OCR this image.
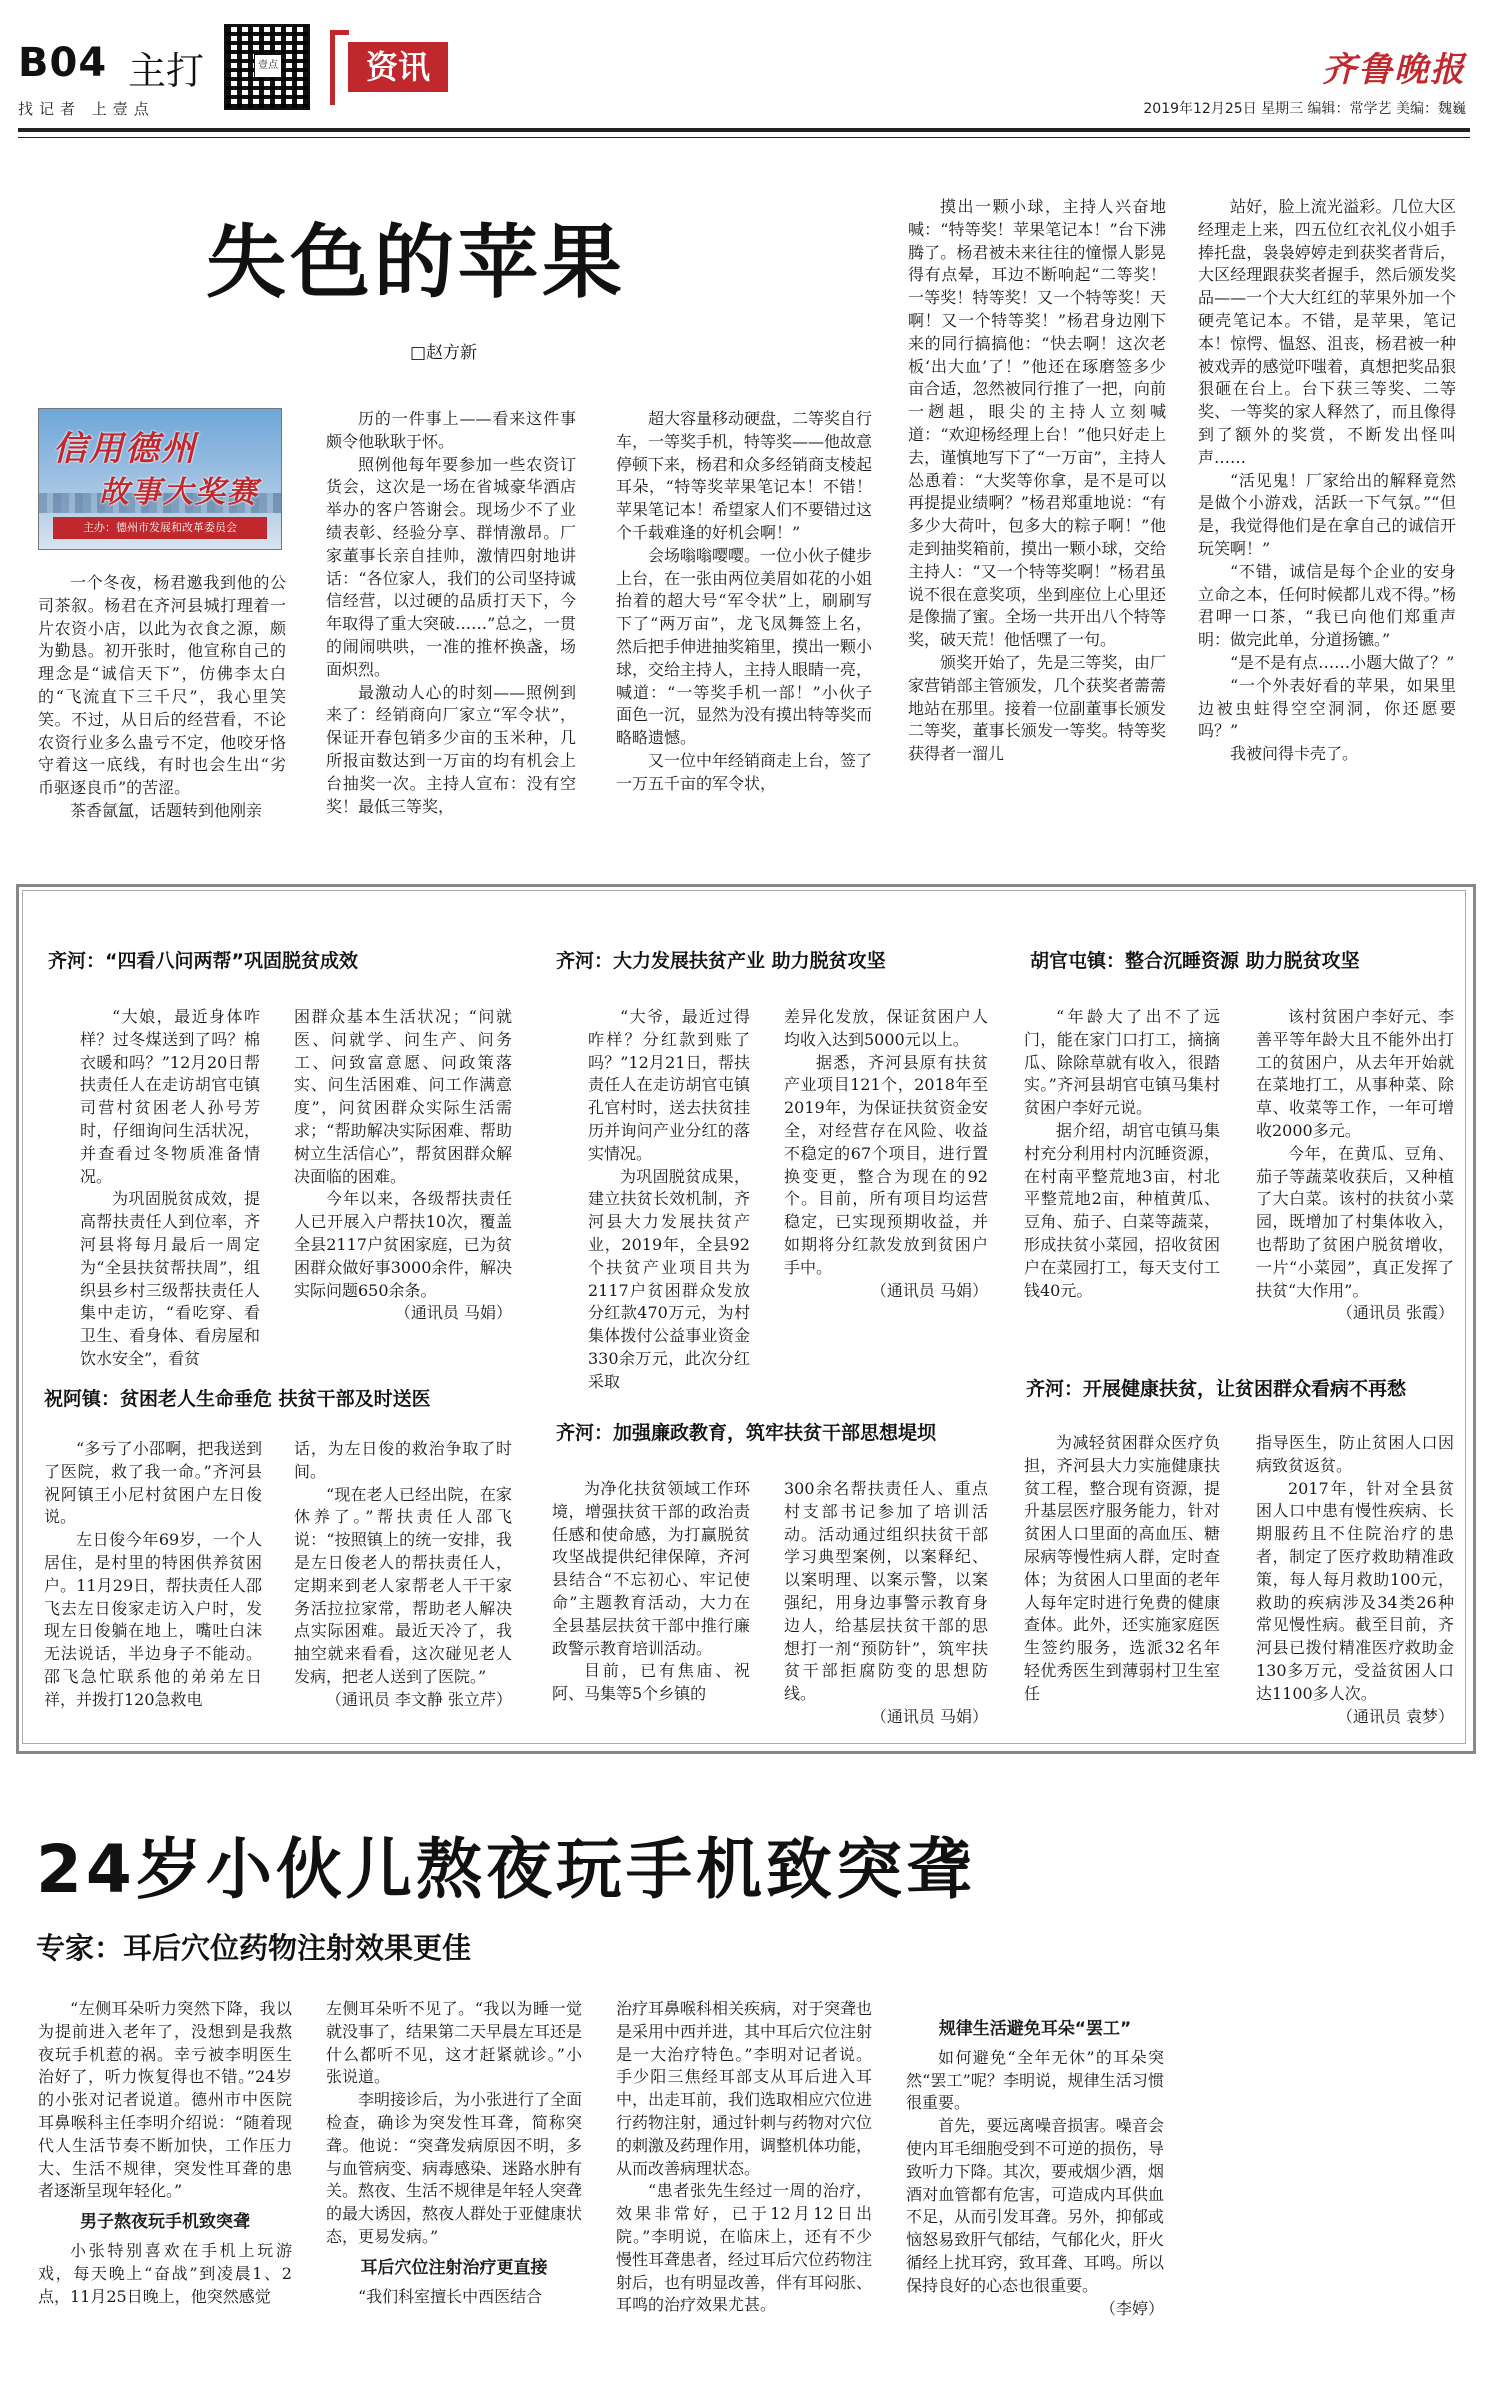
B04 主打
找记者 上壹点
壹点	资讯	齐鲁晚报
2019年12月25日 星期三 编辑：常学艺 美编：魏巍
失色的苹果
□赵方新
信用德州
故事大奖赛
主办：德州市发展和改革委员会

一个冬夜，杨君邀我到他的公司茶叙。杨君在齐河县城打理着一片农资小店，以此为衣食之源，颇为勤恳。初开张时，他宣称自己的理念是“诚信天下”，仿佛李太白的“飞流直下三千尺”，我心里笑笑。不过，从日后的经营看，不论农资行业多么蛊亏不定，他咬牙恪守着这一底线，有时也会生出“劣币驱逐良币”的苦涩。

茶香氤氲，话题转到他刚亲

历的一件事上——看来这件事颇令他耿耿于怀。

照例他每年要参加一些农资订货会，这次是一场在省城豪华酒店举办的客户答谢会。现场少不了业绩表彰、经验分享、群情激昂。厂家董事长亲自挂帅，激情四射地讲话：“各位家人，我们的公司坚持诚信经营，以过硬的品质打天下，今年取得了重大突破……”总之，一贯的闹闹哄哄，一准的推杯换盏，场面炽烈。

最激动人心的时刻——照例到来了：经销商向厂家立“军令状”，保证开春包销多少亩的玉米种，几所报亩数达到一万亩的均有机会上台抽奖一次。主持人宣布：没有空奖！最低三等奖，

超大容量移动硬盘，二等奖自行车，一等奖手机，特等奖——他故意停顿下来，杨君和众多经销商支棱起耳朵，“特等奖苹果笔记本！不错！苹果笔记本！希望家人们不要错过这个千载难逢的好机会啊！”

会场嗡嗡嘤嘤。一位小伙子健步上台，在一张由两位美眉如花的小姐抬着的超大号“军令状”上，刷刷写下了“两万亩”，龙飞凤舞签上名，然后把手伸进抽奖箱里，摸出一颗小球，交给主持人，主持人眼睛一亮，喊道：“一等奖手机一部！”小伙子面色一沉，显然为没有摸出特等奖而略略遗憾。

又一位中年经销商走上台，签了一万五千亩的军令状，

摸出一颗小球，主持人兴奋地喊：“特等奖！苹果笔记本！”台下沸腾了。杨君被未来往往的憧憬人影晃得有点晕，耳边不断响起“二等奖！一等奖！特等奖！又一个特等奖！天啊！又一个特等奖！”杨君身边刚下来的同行搞搞他：“快去啊！这次老板‘出大血’了！”他还在琢磨签多少亩合适，忽然被同行推了一把，向前一趔趄，眼尖的主持人立刻喊道：“欢迎杨经理上台！”他只好走上去，谨慎地写下了“一万亩”，主持人怂恿着：“大奖等你拿，是不是可以再提提业绩啊？”杨君郑重地说：“有多少大荷叶，包多大的粽子啊！”他走到抽奖箱前，摸出一颗小球，交给主持人：“又一个特等奖啊！”杨君虽说不很在意奖项，坐到座位上心里还是像揣了蜜。全场一共开出八个特等奖，破天荒！他恬嘿了一句。

颁奖开始了，先是三等奖，由厂家营销部主管颁发，几个获奖者薷薷地站在那里。接着一位副董事长颁发二等奖，董事长颁发一等奖。特等奖获得者一溜儿

站好，脸上流光溢彩。几位大区经理走上来，四五位红衣礼仪小姐手捧托盘，袅袅婷婷走到获奖者背后，大区经理跟获奖者握手，然后颁发奖品——一个大大红红的苹果外加一个硬壳笔记本。不错，是苹果，笔记本！惊愕、愠怒、沮丧，杨君被一种被戏弄的感觉吓嗤着，真想把奖品狠狠砸在台上。台下获三等奖、二等奖、一等奖的家人释然了，而且像得到了额外的奖赏，不断发出怪叫声……

“活见鬼！厂家给出的解释竟然是做个小游戏，活跃一下气氛。”“但是，我觉得他们是在拿自己的诚信开玩笑啊！”

“不错，诚信是每个企业的安身立命之本，任何时候都儿戏不得。”杨君呷一口茶，“我已向他们郑重声明：做完此单，分道扬镳。”

“是不是有点……小题大做了？”

“一个外表好看的苹果，如果里边被虫蛀得空空洞洞，你还愿要吗？”

我被问得卡壳了。

齐河：“四看八问两帮”巩固脱贫成效

“大娘，最近身体咋样？过冬煤送到了吗？棉衣暖和吗？”12月20日帮扶责任人在走访胡官屯镇司营村贫困老人孙号芳时，仔细询问生活状况，并查看过冬物质准备情况。

为巩固脱贫成效，提高帮扶责任人到位率，齐河县将每月最后一周定为“全县扶贫帮扶周”，组织县乡村三级帮扶责任人集中走访，“看吃穿、看卫生、看身体、看房屋和饮水安全”，看贫

困群众基本生活状况；“问就医、问就学、问生产、问务工、问致富意愿、问政策落实、问生活困难、问工作满意度”，问贫困群众实际生活需求；“帮助解决实际困难、帮助树立生活信心”，帮贫困群众解决面临的困难。

今年以来，各级帮扶责任人已开展入户帮扶10次，覆盖全县2117户贫困家庭，已为贫困群众做好事3000余件，解决实际问题650余条。

（通讯员 马娟）

齐河：大力发展扶贫产业 助力脱贫攻坚

“大爷，最近过得咋样？分红款到账了吗？”12月21日，帮扶责任人在走访胡官屯镇孔官村时，送去扶贫挂历并询问产业分红的落实情况。

为巩固脱贫成果，建立扶贫长效机制，齐河县大力发展扶贫产业，2019年，全县92个扶贫产业项目共为2117户贫困群众发放分红款470万元，为村集体拨付公益事业资金330余万元，此次分红采取

差异化发放，保证贫困户人均收入达到5000元以上。

据悉，齐河县原有扶贫产业项目121个，2018年至2019年，为保证扶贫资金安全，对经营存在风险、收益不稳定的67个项目，进行置换变更，整合为现在的92个。目前，所有项目均运营稳定，已实现预期收益，并如期将分红款发放到贫困户手中。

（通讯员 马娟）

胡官屯镇：整合沉睡资源 助力脱贫攻坚

“年龄大了出不了远门，能在家门口打工，摘摘瓜、除除草就有收入，很踏实。”齐河县胡官屯镇马集村贫困户李好元说。

据介绍，胡官屯镇马集村充分利用村内沉睡资源，在村南平整荒地3亩，村北平整荒地2亩，种植黄瓜、豆角、茄子、白菜等蔬菜，形成扶贫小菜园，招收贫困户在菜园打工，每天支付工钱40元。

该村贫困户李好元、李善平等年龄大且不能外出打工的贫困户，从去年开始就在菜地打工，从事种菜、除草、收菜等工作，一年可增收2000多元。

今年，在黄瓜、豆角、茄子等蔬菜收获后，又种植了大白菜。该村的扶贫小菜园，既增加了村集体收入，也帮助了贫困户脱贫增收，一片“小菜园”，真正发挥了扶贫“大作用”。

（通讯员 张霞）

祝阿镇：贫困老人生命垂危 扶贫干部及时送医

“多亏了小邵啊，把我送到了医院，救了我一命。”齐河县祝阿镇王小尼村贫困户左日俊说。

左日俊今年69岁，一个人居住，是村里的特困供养贫困户。11月29日，帮扶责任人邵飞去左日俊家走访入户时，发现左日俊躺在地上，嘴吐白沫无法说话，半边身子不能动。邵飞急忙联系他的弟弟左日祥，并拨打120急救电

话，为左日俊的救治争取了时间。

“现在老人已经出院，在家休养了。”帮扶责任人邵飞说：“按照镇上的统一安排，我是左日俊老人的帮扶责任人，定期来到老人家帮老人干干家务活拉拉家常，帮助老人解决点实际困难。最近天冷了，我抽空就来看看，这次碰见老人发病，把老人送到了医院。”

（通讯员 李文静 张立芹）

齐河：加强廉政教育，筑牢扶贫干部思想堤坝

为净化扶贫领域工作环境，增强扶贫干部的政治责任感和使命感，为打赢脱贫攻坚战提供纪律保障，齐河县结合“不忘初心、牢记使命”主题教育活动，大力在全县基层扶贫干部中推行廉政警示教育培训活动。

目前，已有焦庙、祝阿、马集等5个乡镇的

300余名帮扶责任人、重点村支部书记参加了培训活动。活动通过组织扶贫干部学习典型案例，以案释纪、以案明理、以案示警，以案强纪，用身边事警示教育身边人，给基层扶贫干部的思想打一剂“预防针”，筑牢扶贫干部拒腐防变的思想防线。

（通讯员 马娟）

齐河：开展健康扶贫，让贫困群众看病不再愁

为减轻贫困群众医疗负担，齐河县大力实施健康扶贫工程，整合现有资源，提升基层医疗服务能力，针对贫困人口里面的高血压、糖尿病等慢性病人群，定时查体；为贫困人口里面的老年人每年定时进行免费的健康查体。此外，还实施家庭医生签约服务，选派32名年轻优秀医生到薄弱村卫生室任

指导医生，防止贫困人口因病致贫返贫。

2017年，针对全县贫困人口中患有慢性疾病、长期服药且不住院治疗的患者，制定了医疗救助精准政策，每人每月救助100元，救助的疾病涉及34类26种常见慢性病。截至目前，齐河县已拨付精准医疗救助金130多万元，受益贫困人口达1100多人次。

（通讯员 袁梦）

24岁小伙儿熬夜玩手机致突聋
专家：耳后穴位药物注射效果更佳

“左侧耳朵听力突然下降，我以为提前进入老年了，没想到是我熬夜玩手机惹的祸。幸亏被李明医生治好了，听力恢复得也不错。”24岁的小张对记者说道。德州市中医院耳鼻喉科主任李明介绍说：“随着现代人生活节奏不断加快，工作压力大、生活不规律，突发性耳聋的患者逐渐呈现年轻化。”

男子熬夜玩手机致突聋

小张特别喜欢在手机上玩游戏，每天晚上“奋战”到凌晨1、2点，11月25日晚上，他突然感觉

左侧耳朵听不见了。“我以为睡一觉就没事了，结果第二天早晨左耳还是什么都听不见，这才赶紧就诊。”小张说道。

李明接诊后，为小张进行了全面检查，确诊为突发性耳聋，简称突聋。他说：“突聋发病原因不明，多与血管病变、病毒感染、迷路水肿有关。熬夜、生活不规律是年轻人突聋的最大诱因，熬夜人群处于亚健康状态，更易发病。”

耳后穴位注射治疗更直接

“我们科室擅长中西医结合

治疗耳鼻喉科相关疾病，对于突聋也是采用中西并进，其中耳后穴位注射是一大治疗特色。”李明对记者说。手少阳三焦经耳部支从耳后进入耳中，出走耳前，我们选取相应穴位进行药物注射，通过针刺与药物对穴位的刺激及药理作用，调整机体功能，从而改善病理状态。

“患者张先生经过一周的治疗，效果非常好，已于12月12日出院。”李明说，在临床上，还有不少慢性耳聋患者，经过耳后穴位药物注射后，也有明显改善，伴有耳闷胀、耳鸣的治疗效果尤甚。

规律生活避免耳朵“罢工”

如何避免“全年无休”的耳朵突然“罢工”呢？李明说，规律生活习惯很重要。

首先，要远离噪音损害。噪音会使内耳毛细胞受到不可逆的损伤，导致听力下降。其次，要戒烟少酒，烟酒对血管都有危害，可造成内耳供血不足，从而引发耳聋。另外，抑郁或恼怒易致肝气郁结，气郁化火，肝火循经上扰耳窍，致耳聋、耳鸣。所以保持良好的心态也很重要。

（李婷）
